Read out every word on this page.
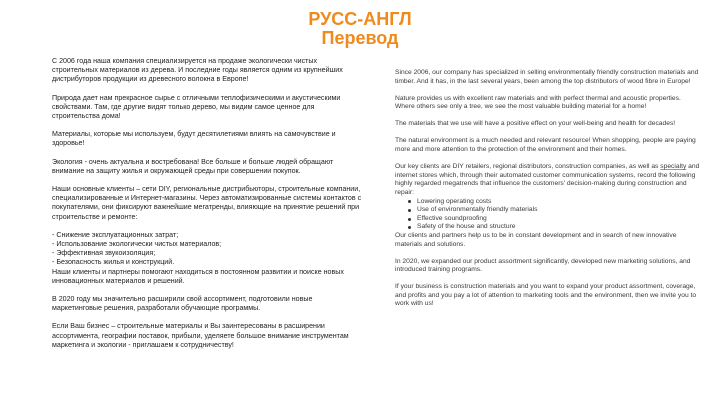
РУСС-АНГЛ
Перевод
С 2006 года наша компания специализируется на продаже экологически чистых строительных материалов из дерева. И последние годы является одним из крупнейших дистрибуторов продукции из древесного волокна в Европе!
Природа дает нам прекрасное сырье с отличными теплофизическими и акустическими свойствами. Там, где другие видят только дерево, мы видим самое ценное для строительства дома!
Материалы, которые мы используем, будут десятилетиями влиять на самочувствие и здоровье!
Экология - очень актуальна и востребована! Все больше и больше людей обращают внимание на защиту жилья и окружающей среды при совершении покупок.
Наши основные клиенты – сети DIY, региональные дистрибьюторы, строительные компании, специализированные и Интернет-магазины. Через автоматизированные системы контактов с покупателями, они фиксируют важнейшие мегатренды, влияющие на принятие решений при строительстве и ремонте:
- Снижение эксплуатационных затрат;
- Использование экологически чистых материалов;
- Эффективная звукоизоляция;
- Безопасность жилья и конструкций.
Наши клиенты и партнеры помогают находиться в постоянном развитии и поиске новых инновационных материалов и решений.
В 2020 году мы значительно расширили свой ассортимент, подготовили новые маркетинговые решения, разработали обучающие программы.
Если Ваш бизнес – строительные материалы и Вы заинтересованы в расширении ассортимента, географии поставок, прибыли, уделяете большое внимание инструментам маркетинга и экологии - приглашаем к сотрудничеству!
Since 2006, our company has specialized in selling environmentally friendly construction materials and timber. And it has, in the last several years, been among the top distributors of wood fibre in Europe!
Nature provides us with excellent raw materials and with perfect thermal and acoustic properties. Where others see only a tree, we see the most valuable building material for a home!
The materials that we use will have a positive effect on your well-being and health for decades!
The natural environment is a much needed and relevant resource! When shopping, people are paying more and more attention to the protection of the environment and their homes.
Our key clients are DIY retailers, regional distributors, construction companies, as well as specialty and internet stores which, through their automated customer communication systems, record the following highly regarded megatrends that influence the customers' decision-making during construction and repair:
Lowering operating costs
Use of environmentally friendly materials
Effective soundproofing
Safety of the house and structure
Our clients and partners help us to be in constant development and in search of new innovative materials and solutions.
In 2020, we expanded our product assortment significantly, developed new marketing solutions, and introduced training programs.
If your business is construction materials and you want to expand your product assortment, coverage, and profits and you pay a lot of attention to marketing tools and the environment, then we invite you to work with us!
